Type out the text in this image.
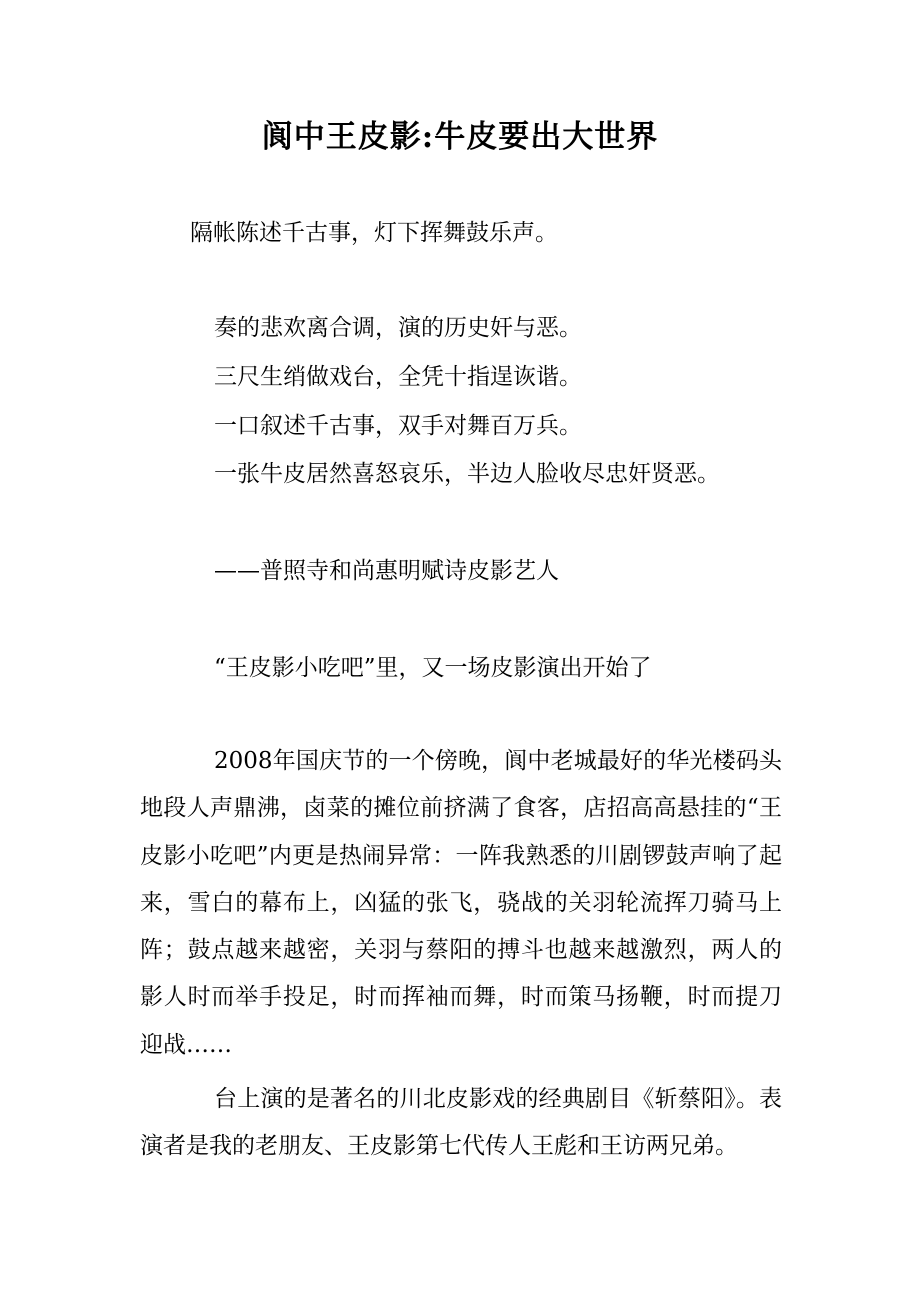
阆中王皮影:牛皮要出大世界

隔帐陈述千古事，灯下挥舞鼓乐声。

奏的悲欢离合调，演的历史奸与恶。

三尺生绡做戏台，全凭十指逞诙谐。

一口叙述千古事，双手对舞百万兵。

一张牛皮居然喜怒哀乐，半边人脸收尽忠奸贤恶。

——普照寺和尚惠明赋诗皮影艺人

“王皮影小吃吧”里，又一场皮影演出开始了

2008年国庆节的一个傍晚，阆中老城最好的华光楼码头地段人声鼎沸，卤菜的摊位前挤满了食客，店招高高悬挂的“王皮影小吃吧”内更是热闹异常：一阵我熟悉的川剧锣鼓声响了起来，雪白的幕布上，凶猛的张飞，骁战的关羽轮流挥刀骑马上阵；鼓点越来越密，关羽与蔡阳的搏斗也越来越激烈，两人的影人时而举手投足，时而挥袖而舞，时而策马扬鞭，时而提刀迎战……

台上演的是著名的川北皮影戏的经典剧目《斩蔡阳》。表演者是我的老朋友、王皮影第七代传人王彪和王访两兄弟。
